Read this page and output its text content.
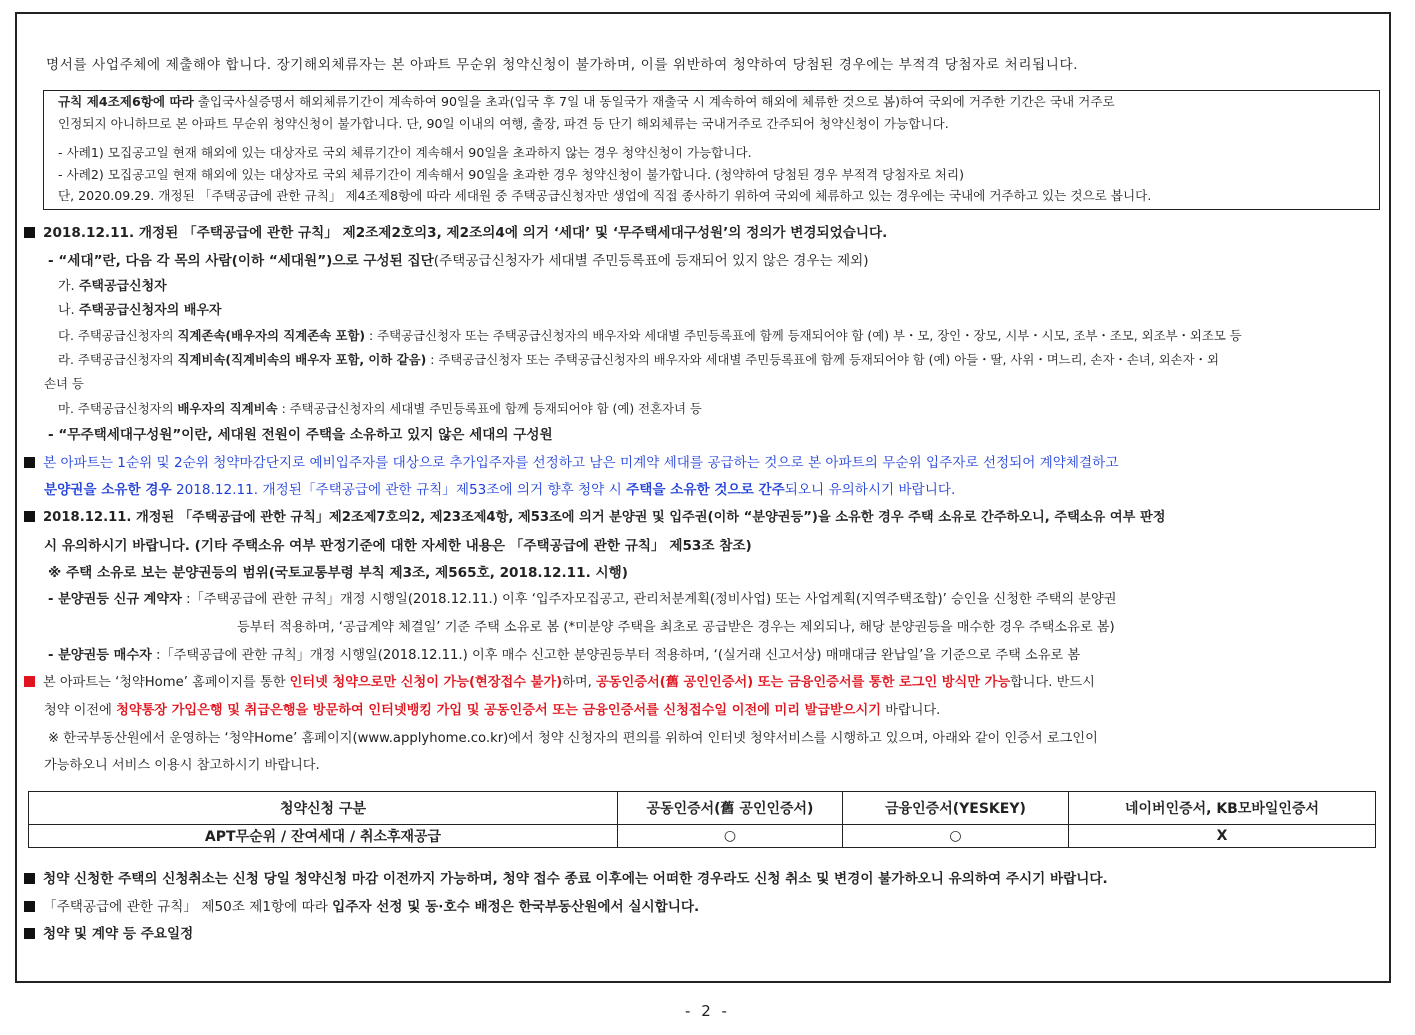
명서를 사업주체에 제출해야 합니다. 장기해외체류자는 본 아파트 무순위 청약신청이 불가하며, 이를 위반하여 청약하여 당첨된 경우에는 부적격 당첨자로 처리됩니다.
규칙 제4조제6항에 따라 출입국사실증명서 해외체류기간이 계속하여 90일을 초과(입국 후 7일 내 동일국가 재출국 시 계속하여 해외에 체류한 것으로 봄)하여 국외에 거주한 기간은 국내 거주로
인정되지 아니하므로 본 아파트 무순위 청약신청이 불가합니다. 단, 90일 이내의 여행, 출장, 파견 등 단기 해외체류는 국내거주로 간주되어 청약신청이 가능합니다.
- 사례1) 모집공고일 현재 해외에 있는 대상자로 국외 체류기간이 계속해서 90일을 초과하지 않는 경우 청약신청이 가능합니다.
- 사례2) 모집공고일 현재 해외에 있는 대상자로 국외 체류기간이 계속해서 90일을 초과한 경우 청약신청이 불가합니다. (청약하여 당첨된 경우 부적격 당첨자로 처리)
단, 2020.09.29. 개정된 「주택공급에 관한 규칙」 제4조제8항에 따라 세대원 중 주택공급신청자만 생업에 직접 종사하기 위하여 국외에 체류하고 있는 경우에는 국내에 거주하고 있는 것으로 봅니다.
2018.12.11. 개정된 「주택공급에 관한 규칙」 제2조제2호의3, 제2조의4에 의거 ‘세대’ 및 ‘무주택세대구성원’의 정의가 변경되었습니다.
- “세대”란, 다음 각 목의 사람(이하 “세대원”)으로 구성된 집단(주택공급신청자가 세대별 주민등록표에 등재되어 있지 않은 경우는 제외)
가. 주택공급신청자
나. 주택공급신청자의 배우자
다. 주택공급신청자의 직계존속(배우자의 직계존속 포함) : 주택공급신청자 또는 주택공급신청자의 배우자와 세대별 주민등록표에 함께 등재되어야 함 (예) 부・모, 장인・장모, 시부・시모, 조부・조모, 외조부・외조모 등
라. 주택공급신청자의 직계비속(직계비속의 배우자 포함, 이하 같음) : 주택공급신청자 또는 주택공급신청자의 배우자와 세대별 주민등록표에 함께 등재되어야 함 (예) 아들・딸, 사위・며느리, 손자・손녀, 외손자・외
손녀 등
마. 주택공급신청자의 배우자의 직계비속 : 주택공급신청자의 세대별 주민등록표에 함께 등재되어야 함 (예) 전혼자녀 등
- “무주택세대구성원”이란, 세대원 전원이 주택을 소유하고 있지 않은 세대의 구성원
본 아파트는 1순위 및 2순위 청약마감단지로 예비입주자를 대상으로 추가입주자를 선정하고 남은 미계약 세대를 공급하는 것으로 본 아파트의 무순위 입주자로 선정되어 계약체결하고
분양권을 소유한 경우 2018.12.11. 개정된「주택공급에 관한 규칙」제53조에 의거 향후 청약 시 주택을 소유한 것으로 간주되오니 유의하시기 바랍니다.
2018.12.11. 개정된 「주택공급에 관한 규칙」제2조제7호의2, 제23조제4항, 제53조에 의거 분양권 및 입주권(이하 “분양권등”)을 소유한 경우 주택 소유로 간주하오니, 주택소유 여부 판정
시 유의하시기 바랍니다. (기타 주택소유 여부 판정기준에 대한 자세한 내용은 「주택공급에 관한 규칙」 제53조 참조)
※ 주택 소유로 보는 분양권등의 범위(국토교통부령 부칙 제3조, 제565호, 2018.12.11. 시행)
- 분양권등 신규 계약자 :「주택공급에 관한 규칙」개정 시행일(2018.12.11.) 이후 ‘입주자모집공고, 관리처분계획(정비사업) 또는 사업계획(지역주택조합)’ 승인을 신청한 주택의 분양권
등부터 적용하며, ‘공급계약 체결일’ 기준 주택 소유로 봄 (*미분양 주택을 최초로 공급받은 경우는 제외되나, 해당 분양권등을 매수한 경우 주택소유로 봄)
- 분양권등 매수자 :「주택공급에 관한 규칙」개정 시행일(2018.12.11.) 이후 매수 신고한 분양권등부터 적용하며, ‘(실거래 신고서상) 매매대금 완납일’을 기준으로 주택 소유로 봄
본 아파트는 ‘청약Home’ 홈페이지를 통한 인터넷 청약으로만 신청이 가능(현장접수 불가)하며, 공동인증서(舊 공인인증서) 또는 금융인증서를 통한 로그인 방식만 가능합니다. 반드시
청약 이전에 청약통장 가입은행 및 취급은행을 방문하여 인터넷뱅킹 가입 및 공동인증서 또는 금융인증서를 신청접수일 이전에 미리 발급받으시기 바랍니다.
※ 한국부동산원에서 운영하는 ‘청약Home’ 홈페이지(www.applyhome.co.kr)에서 청약 신청자의 편의를 위하여 인터넷 청약서비스를 시행하고 있으며, 아래와 같이 인증서 로그인이
가능하오니 서비스 이용시 참고하시기 바랍니다.
청약신청 구분	공동인증서(舊 공인인증서)	금융인증서(YESKEY)	네이버인증서, KB모바일인증서
APT무순위 / 잔여세대 / 취소후재공급	○	○	X
청약 신청한 주택의 신청취소는 신청 당일 청약신청 마감 이전까지 가능하며, 청약 접수 종료 이후에는 어떠한 경우라도 신청 취소 및 변경이 불가하오니 유의하여 주시기 바랍니다.
「주택공급에 관한 규칙」 제50조 제1항에 따라 입주자 선정 및 동·호수 배정은 한국부동산원에서 실시합니다.
청약 및 계약 등 주요일정
- 2 -
